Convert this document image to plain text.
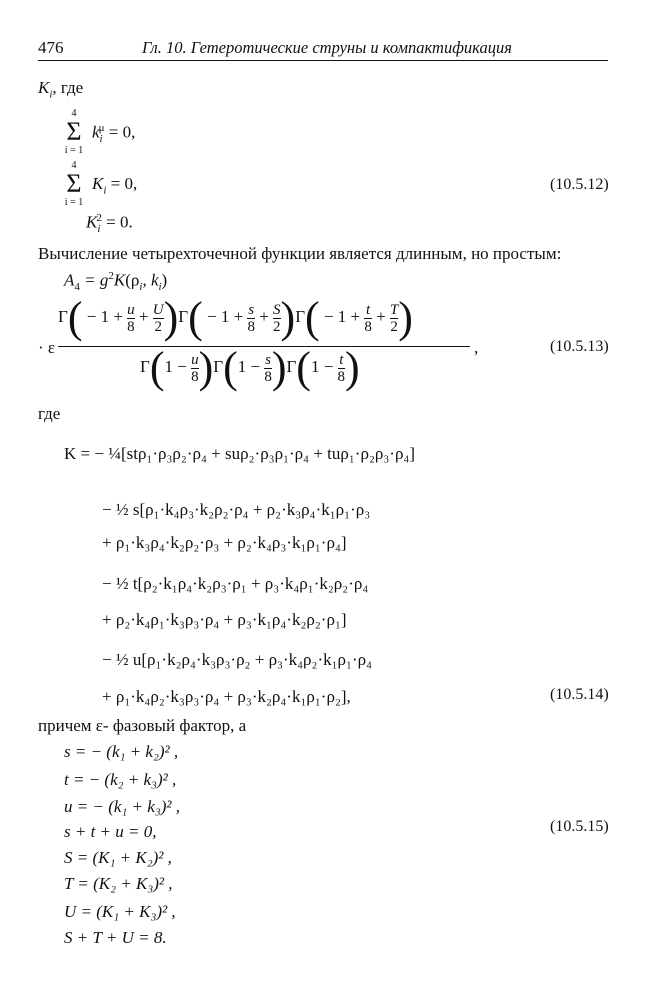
476	Гл. 10. Гетеротические струны и компактификация
$K_i$, где
4
Σ
i = 1
$k_i^\mu = 0$,
4
Σ
i = 1
$K_i = 0$,
$K_i^2 = 0$.
(10.5.12)
Вычисление четырехточечной функции является длинным, но простым:
$A_4 = g^2K(\rho_i$, $k_i$)
· ε
$\Gamma( - 1 + \frac{u}{8} + \frac{U}{2} )\Gamma( - 1 + \frac{s}{8} + \frac{S}{2} )\Gamma( - 1 + \frac{t}{8} + \frac{T}{2}$ )
$\Gamma(1 - \frac{u}{8} )\Gamma(1 - \frac{s}{8} )\Gamma(1 - \frac{t}{8}$ )	,	(10.5.13)
где
K = − ¼[stρ₁·ρ₃ρ₂·ρ₄ + suρ₂·ρ₃ρ₁·ρ₄ + tuρ₁·ρ₂ρ₃·ρ₄]
− ½ s[ρ₁·k₄ρ₃·k₂ρ₂·ρ₄ + ρ₂·k₃ρ₄·k₁ρ₁·ρ₃
+ ρ₁·k₃ρ₄·k₂ρ₂·ρ₃ + ρ₂·k₄ρ₃·k₁ρ₁·ρ₄]
− ½ t[ρ₂·k₁ρ₄·k₂ρ₃·ρ₁ + ρ₃·k₄ρ₁·k₂ρ₂·ρ₄
+ ρ₂·k₄ρ₁·k₃ρ₃·ρ₄ + ρ₃·k₁ρ₄·k₂ρ₂·ρ₁]
− ½ u[ρ₁·k₂ρ₄·k₃ρ₃·ρ₂ + ρ₃·k₄ρ₂·k₁ρ₁·ρ₄
+ ρ₁·k₄ρ₂·k₃ρ₃·ρ₄ + ρ₃·k₂ρ₄·k₁ρ₁·ρ₂],	(10.5.14)
причем ε- фазовый фактор, а
s = − (k₁ + k₂)² ,
t = − (k₂ + k₃)² ,
u = − (k₁ + k₃)² ,
s + t + u = 0,
S = (K₁ + K₂)² ,
T = (K₂ + K₃)² ,
U = (K₁ + K₃)² ,
S + T + U = 8.
(10.5.15)
